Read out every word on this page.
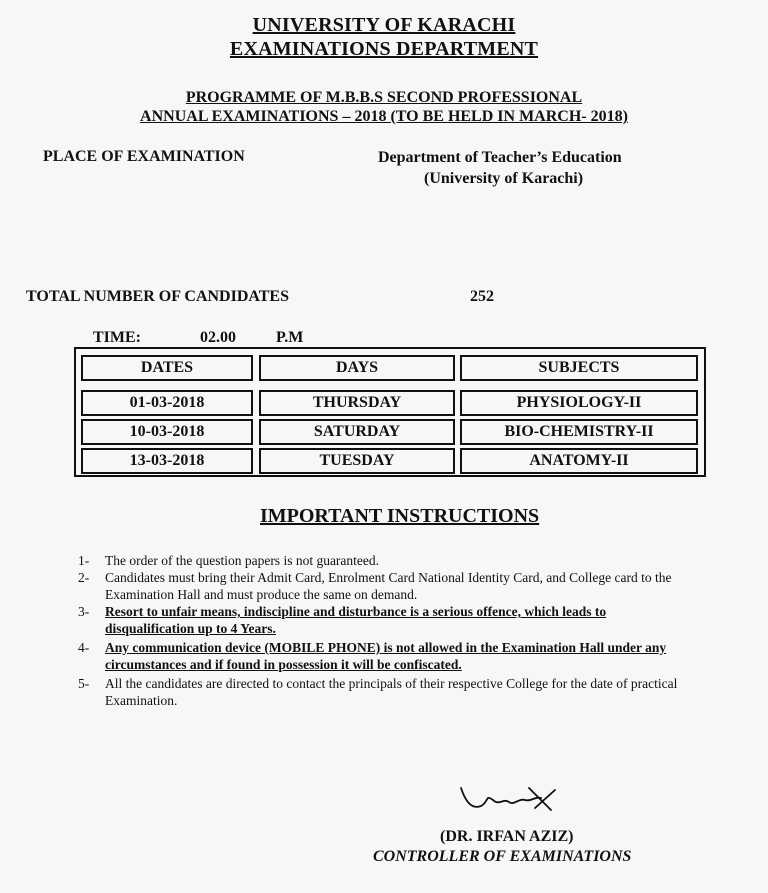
UNIVERSITY OF KARACHI
EXAMINATIONS DEPARTMENT
PROGRAMME OF M.B.B.S SECOND PROFESSIONAL
ANNUAL EXAMINATIONS – 2018 (TO BE HELD IN MARCH- 2018)
PLACE OF EXAMINATION	Department of Teacher’s Education
(University of Karachi)
TOTAL NUMBER OF CANDIDATES	252
TIME:	02.00	P.M
DATES	DAYS	SUBJECTS
01-03-2018	THURSDAY	PHYSIOLOGY-II
10-03-2018	SATURDAY	BIO-CHEMISTRY-II
13-03-2018	TUESDAY	ANATOMY-II
IMPORTANT INSTRUCTIONS
1- The order of the question papers is not guaranteed.
2- Candidates must bring their Admit Card, Enrolment Card National Identity Card, and College card to the
Examination Hall and must produce the same on demand.
3- Resort to unfair means, indiscipline and disturbance is a serious offence, which leads to
disqualification up to 4 Years.
4- Any communication device (MOBILE PHONE) is not allowed in the Examination Hall under any
circumstances and if found in possession it will be confiscated.
5- All the candidates are directed to contact the principals of their respective College for the date of practical
Examination.
(DR. IRFAN AZIZ)
CONTROLLER OF EXAMINATIONS
